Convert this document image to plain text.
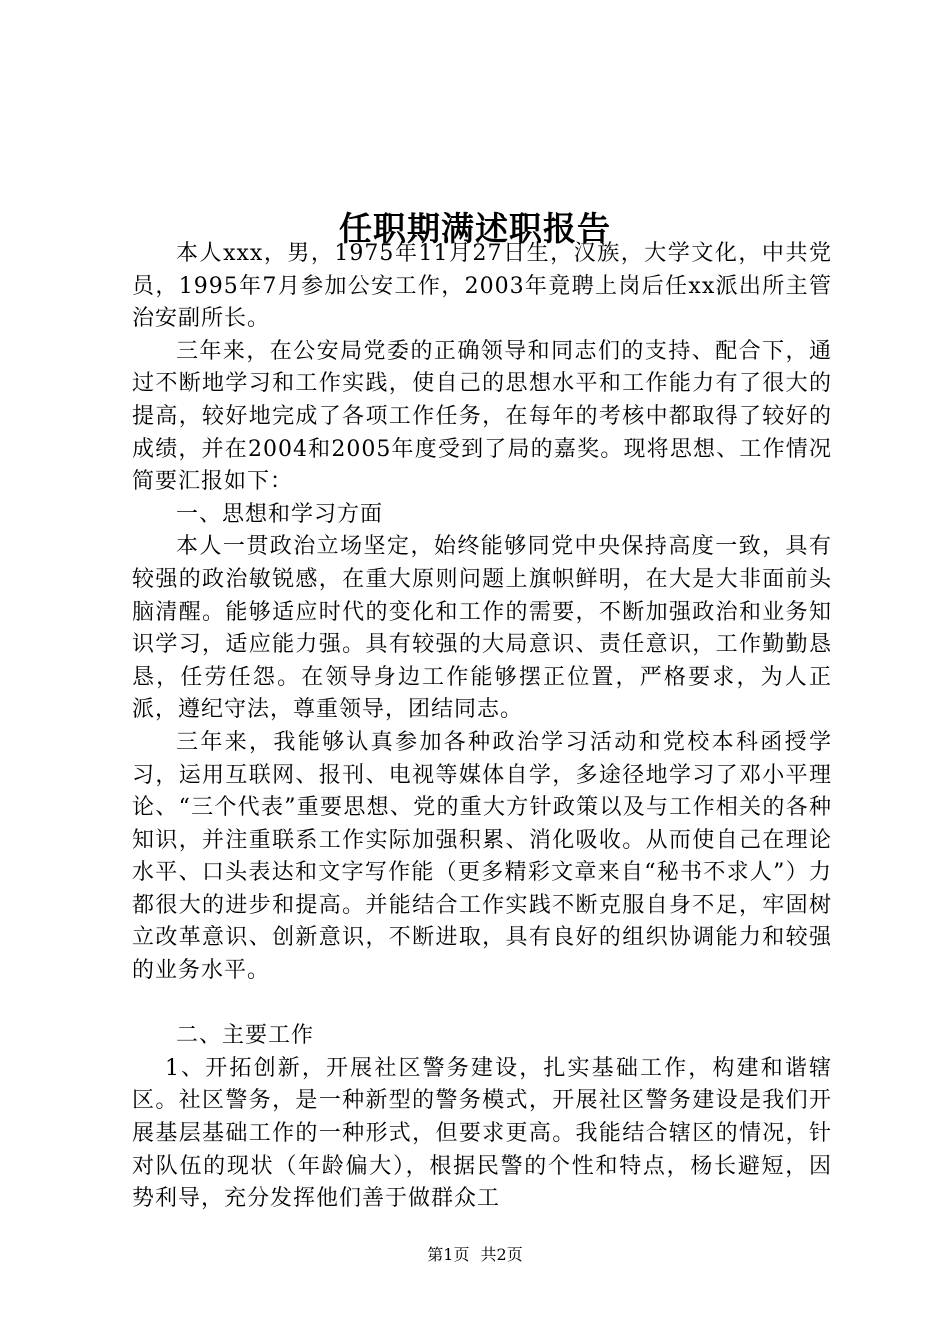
任职期满述职报告

本人xxx，男，1975年11月27日生，汉族，大学文化，中共党员，1995年7月参加公安工作，2003年竟聘上岗后任xx派出所主管治安副所长。

三年来，在公安局党委的正确领导和同志们的支持、配合下，通过不断地学习和工作实践，使自己的思想水平和工作能力有了很大的提高，较好地完成了各项工作任务，在每年的考核中都取得了较好的成绩，并在2004和2005年度受到了局的嘉奖。现将思想、工作情况简要汇报如下：

一、思想和学习方面

本人一贯政治立场坚定，始终能够同党中央保持高度一致，具有较强的政治敏锐感，在重大原则问题上旗帜鲜明，在大是大非面前头脑清醒。能够适应时代的变化和工作的需要，不断加强政治和业务知识学习，适应能力强。具有较强的大局意识、责任意识，工作勤勤恳恳，任劳任怨。在领导身边工作能够摆正位置，严格要求，为人正派，遵纪守法，尊重领导，团结同志。

三年来，我能够认真参加各种政治学习活动和党校本科函授学习，运用互联网、报刊、电视等媒体自学，多途径地学习了邓小平理论、“三个代表”重要思想、党的重大方针政策以及与工作相关的各种知识，并注重联系工作实际加强积累、消化吸收。从而使自己在理论水平、口头表达和文字写作能（更多精彩文章来自“秘书不求人”）力都很大的进步和提高。并能结合工作实践不断克服自身不足，牢固树立改革意识、创新意识，不断进取，具有良好的组织协调能力和较强的业务水平。

二、主要工作

1、开拓创新，开展社区警务建设，扎实基础工作，构建和谐辖区。社区警务，是一种新型的警务模式，开展社区警务建设是我们开展基层基础工作的一种形式，但要求更高。我能结合辖区的情况，针对队伍的现状（年龄偏大），根据民警的个性和特点，杨长避短，因势利导，充分发挥他们善于做群众工

第1页 共2页
